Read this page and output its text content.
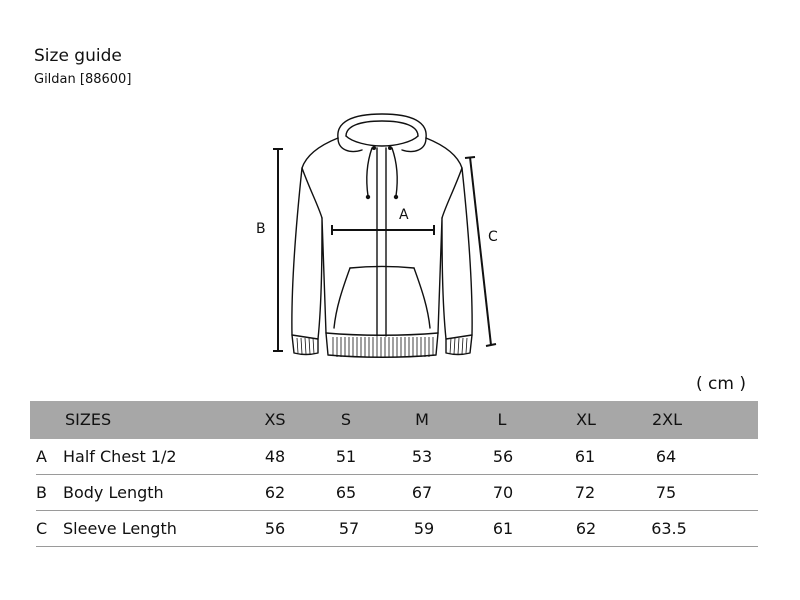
Size guide
Gildan [88600]
A
B	C
( cm )
SIZES	XS	S	M	L	XL	2XL
A Half Chest 1/2	48	51	53	56	61	64
B Body Length	62	65	67	70	72	75
C Sleeve Length	56	57	59	61	62	63.5
